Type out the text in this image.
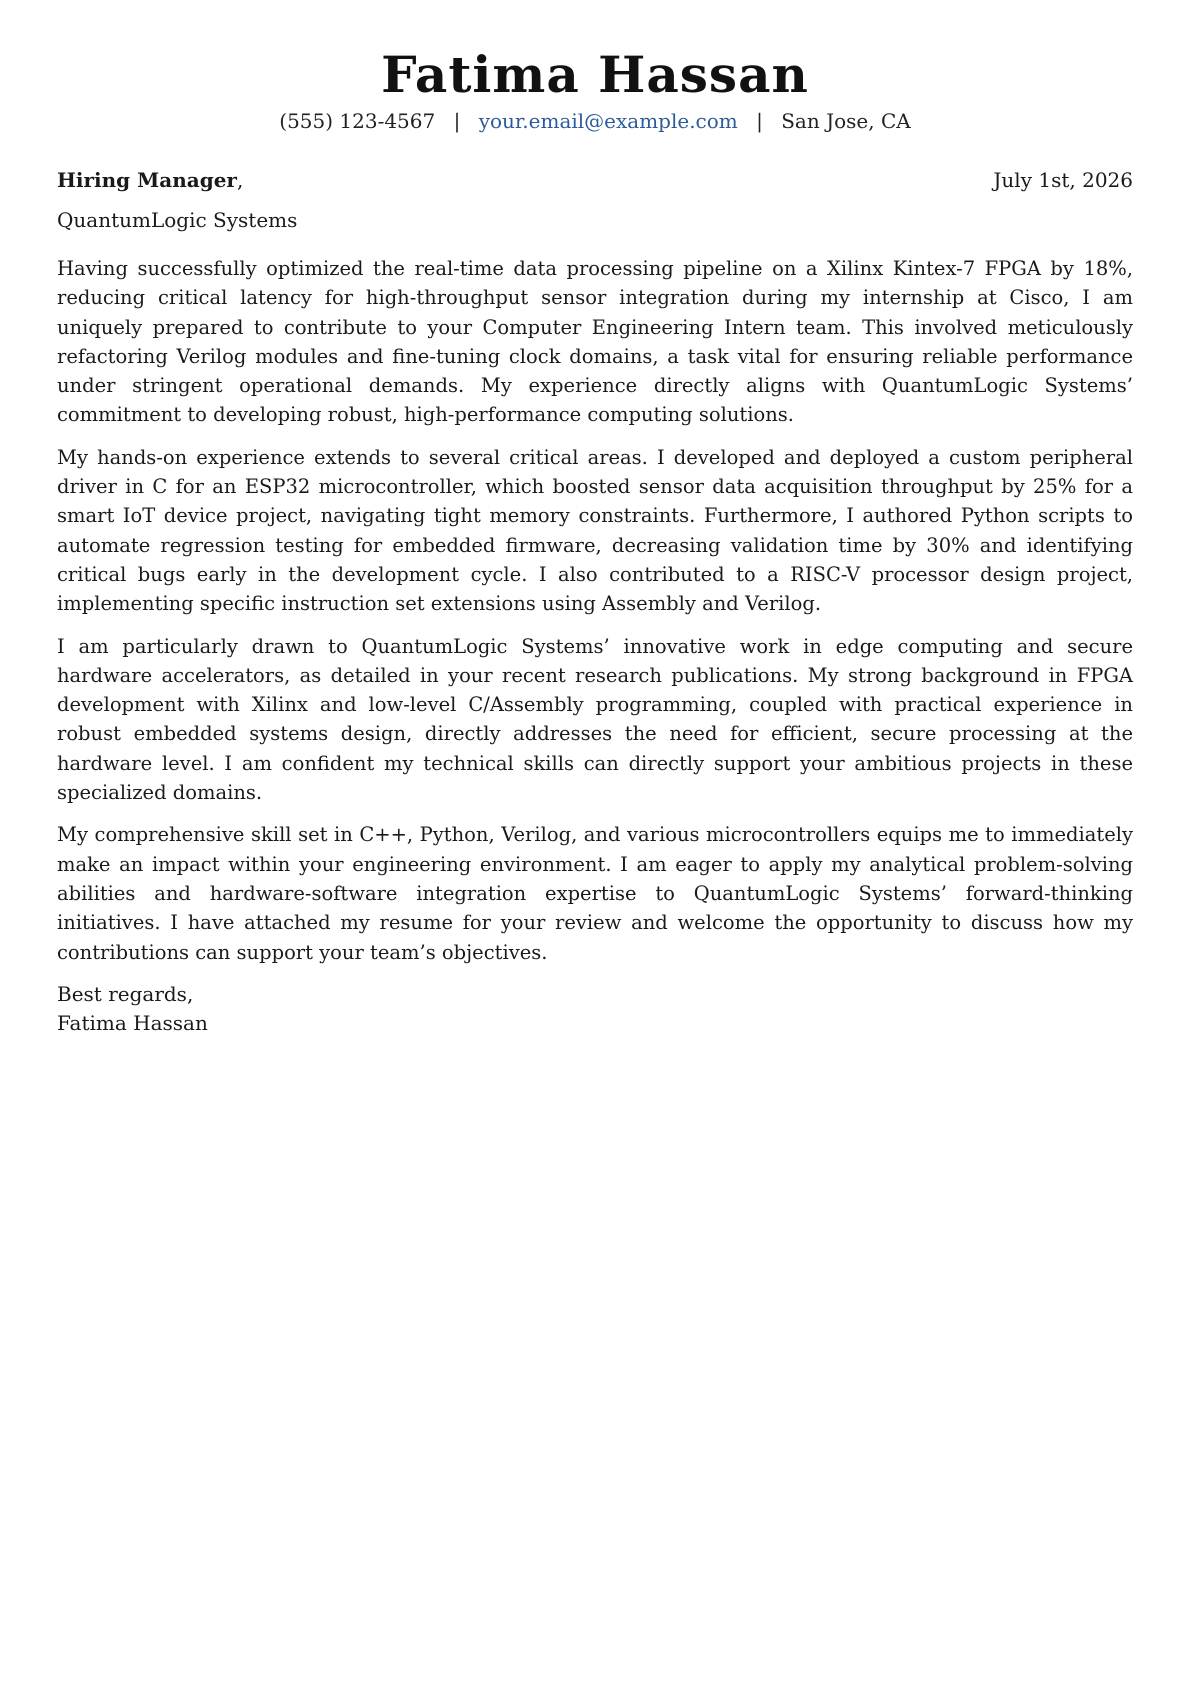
Fatima Hassan
(555) 123-4567 | your.email@example.com | San Jose, CA
Hiring Manager,	July 1st, 2026
QuantumLogic Systems

Having successfully optimized the real-time data processing pipeline on a Xilinx Kintex-7 FPGA by 18%, reducing critical latency for high-throughput sensor integration during my internship at Cisco, I am uniquely prepared to contribute to your Computer Engineering Intern team. This involved meticulously refactoring Verilog modules and fine-tuning clock domains, a task vital for ensuring reliable performance under stringent operational demands. My experience directly aligns with QuantumLogic Systems’ commitment to developing robust, high-performance computing solutions.

My hands-on experience extends to several critical areas. I developed and deployed a custom peripheral driver in C for an ESP32 microcontroller, which boosted sensor data acquisition throughput by 25% for a smart IoT device project, navigating tight memory constraints. Furthermore, I authored Python scripts to automate regression testing for embedded firmware, decreasing validation time by 30% and identifying critical bugs early in the development cycle. I also contributed to a RISC-V processor design project, implementing specific instruction set extensions using Assembly and Verilog.

I am particularly drawn to QuantumLogic Systems’ innovative work in edge computing and secure hardware accelerators, as detailed in your recent research publications. My strong background in FPGA development with Xilinx and low-level C/Assembly programming, coupled with practical experience in robust embedded systems design, directly addresses the need for efficient, secure processing at the hardware level. I am confident my technical skills can directly support your ambitious projects in these specialized domains.

My comprehensive skill set in C++, Python, Verilog, and various microcontrollers equips me to immediately make an impact within your engineering environment. I am eager to apply my analytical problem-solving abilities and hardware-software integration expertise to QuantumLogic Systems’ forward-thinking initiatives. I have attached my resume for your review and welcome the opportunity to discuss how my contributions can support your team’s objectives.

Best regards,
Fatima Hassan
